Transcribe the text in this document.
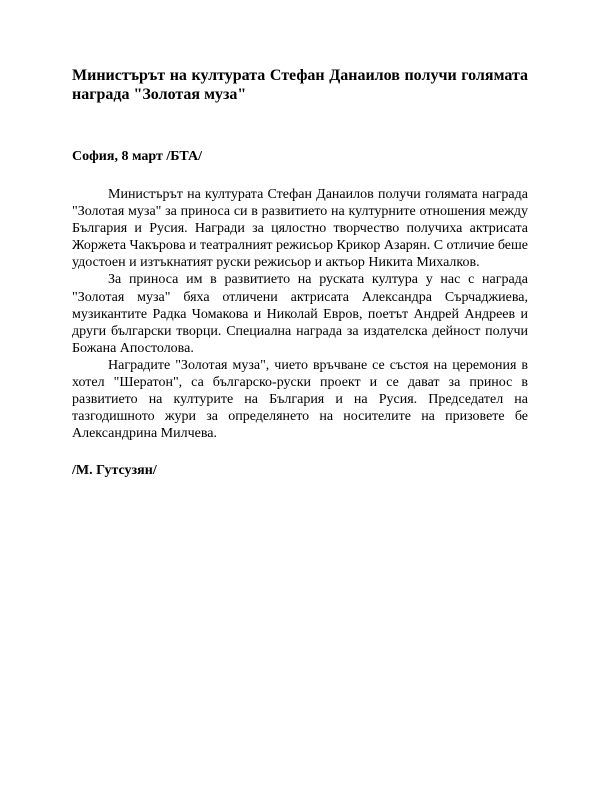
Министърът на културата Стефан Данаилов получи голямата награда "Золотая муза"

София, 8 март /БТА/

Министърът на културата Стефан Данаилов получи голямата награда "Золотая муза" за приноса си в развитието на културните отношения между България и Русия. Награди за цялостно творчество получиха актрисата Жоржета Чакърова и театралният режисьор Крикор Азарян. С отличие беше удостоен и изтъкнатият руски режисьор и актьор Никита Михалков.

За приноса им в развитието на руската култура у нас с награда "Золотая муза" бяха отличени актрисата Александра Сърчаджиева, музикантите Радка Чомакова и Николай Евров, поетът Андрей Андреев и други български творци. Специална награда за издателска дейност получи Божана Апостолова.

Наградите "Золотая муза", чието връчване се състоя на церемония в хотел "Шератон", са българско-руски проект и се дават за принос в развитието на културите на България и на Русия. Председател на тазгодишното жури за определянето на носителите на призовете бе Александрина Милчева.

/М. Гутсузян/
